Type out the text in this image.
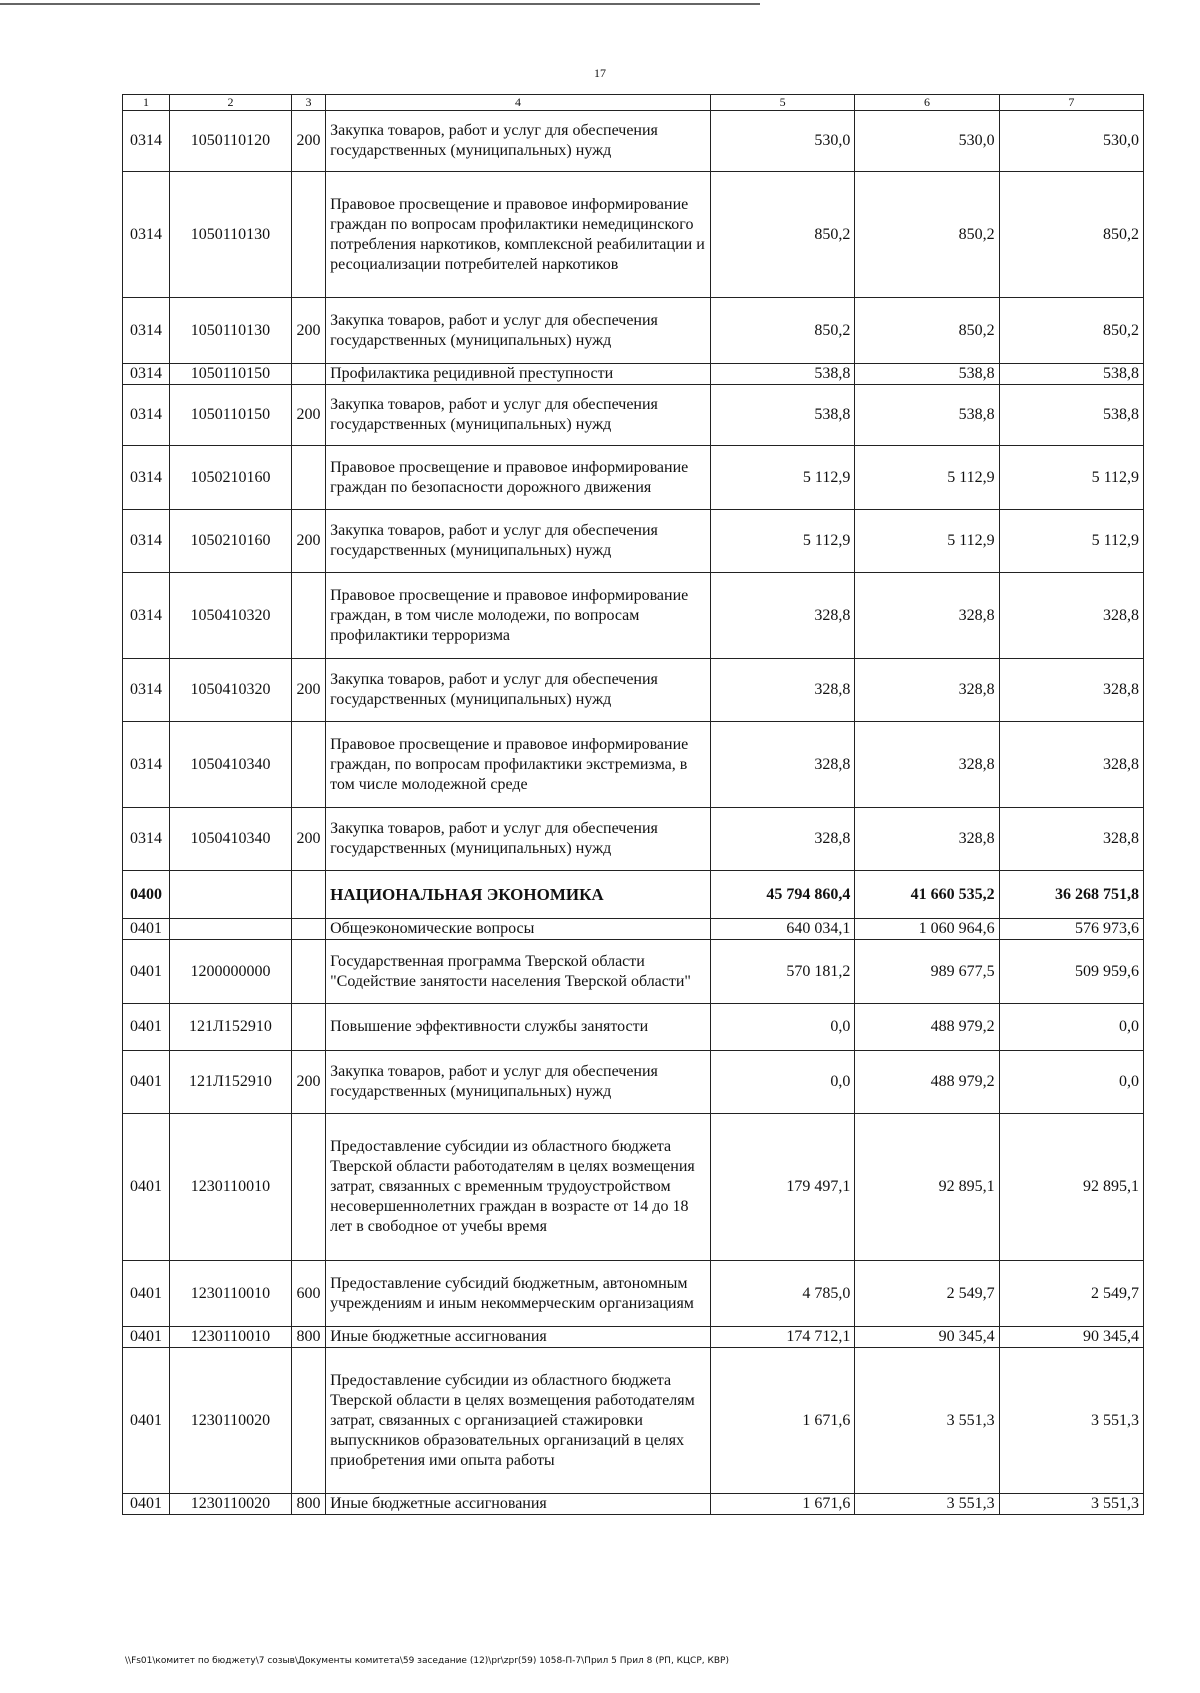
17
1	2	3	4	5	6	7
0314	1050110120	200	Закупка товаров, работ и услуг для обеспечения государственных (муниципальных) нужд	530,0	530,0	530,0
0314	1050110130		Правовое просвещение и правовое информирование граждан по вопросам профилактики немедицинского потребления наркотиков, комплексной реабилитации и ресоциализации потребителей наркотиков	850,2	850,2	850,2
0314	1050110130	200	Закупка товаров, работ и услуг для обеспечения государственных (муниципальных) нужд	850,2	850,2	850,2
0314	1050110150		Профилактика рецидивной преступности	538,8	538,8	538,8
0314	1050110150	200	Закупка товаров, работ и услуг для обеспечения государственных (муниципальных) нужд	538,8	538,8	538,8
0314	1050210160		Правовое просвещение и правовое информирование граждан по безопасности дорожного движения	5 112,9	5 112,9	5 112,9
0314	1050210160	200	Закупка товаров, работ и услуг для обеспечения государственных (муниципальных) нужд	5 112,9	5 112,9	5 112,9
0314	1050410320		Правовое просвещение и правовое информирование граждан, в том числе молодежи, по вопросам профилактики терроризма	328,8	328,8	328,8
0314	1050410320	200	Закупка товаров, работ и услуг для обеспечения государственных (муниципальных) нужд	328,8	328,8	328,8
0314	1050410340		Правовое просвещение и правовое информирование граждан, по вопросам профилактики экстремизма, в том числе молодежной среде	328,8	328,8	328,8
0314	1050410340	200	Закупка товаров, работ и услуг для обеспечения государственных (муниципальных) нужд	328,8	328,8	328,8
0400			НАЦИОНАЛЬНАЯ ЭКОНОМИКА	45 794 860,4	41 660 535,2	36 268 751,8
0401			Общеэкономические вопросы	640 034,1	1 060 964,6	576 973,6
0401	1200000000		Государственная программа Тверской области "Содействие занятости населения Тверской области"	570 181,2	989 677,5	509 959,6
0401	121Л152910		Повышение эффективности службы занятости	0,0	488 979,2	0,0
0401	121Л152910	200	Закупка товаров, работ и услуг для обеспечения государственных (муниципальных) нужд	0,0	488 979,2	0,0
0401	1230110010		Предоставление субсидии из областного бюджета Тверской области работодателям в целях возмещения затрат, связанных с временным трудоустройством несовершеннолетних граждан в возрасте от 14 до 18 лет в свободное от учебы время	179 497,1	92 895,1	92 895,1
0401	1230110010	600	Предоставление субсидий бюджетным, автономным учреждениям и иным некоммерческим организациям	4 785,0	2 549,7	2 549,7
0401	1230110010	800	Иные бюджетные ассигнования	174 712,1	90 345,4	90 345,4
0401	1230110020		Предоставление субсидии из областного бюджета Тверской области в целях возмещения работодателям затрат, связанных с организацией стажировки выпускников образовательных организаций в целях приобретения ими опыта работы	1 671,6	3 551,3	3 551,3
0401	1230110020	800	Иные бюджетные ассигнования	1 671,6	3 551,3	3 551,3
\\Fs01\комитет по бюджету\7 созыв\Документы комитета\59 заседание (12)\pr\zpr(59) 1058-П-7\Прил 5 Прил 8 (РП, КЦСР, КВР)
